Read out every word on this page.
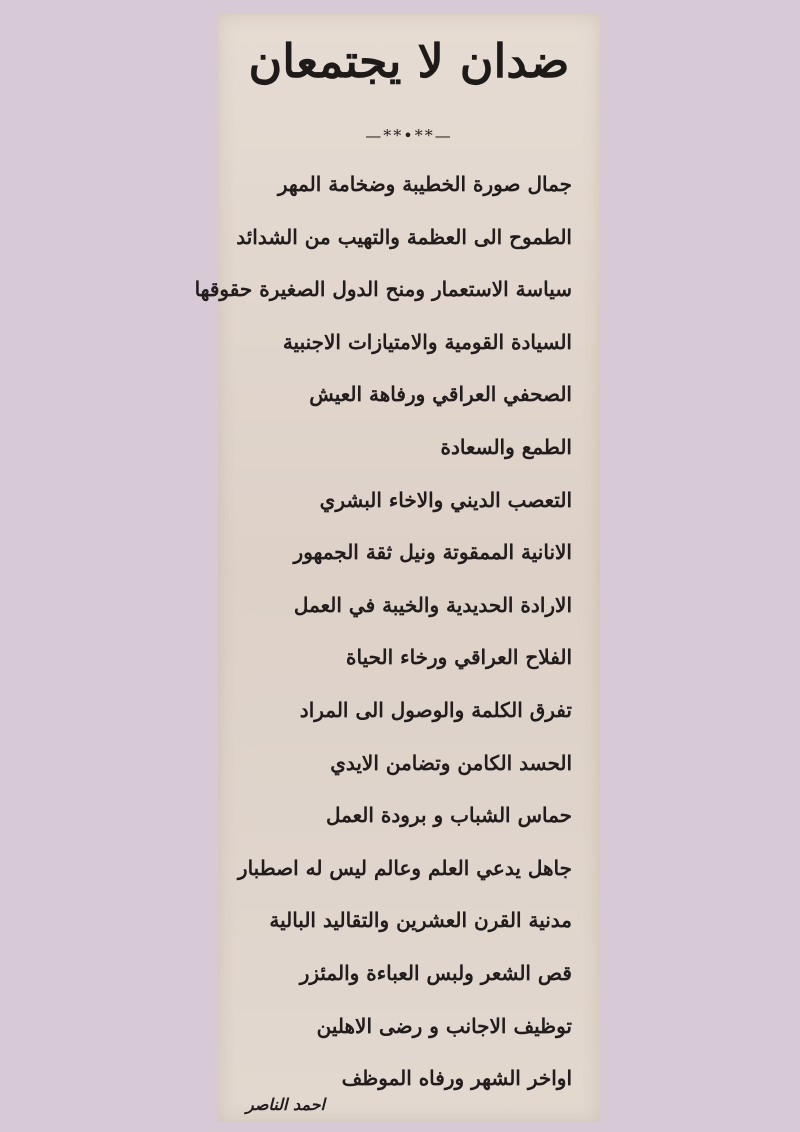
ضدان لا يجتمعان
—**•**—
جمال صورة الخطيبة وضخامة المهر
الطموح الى العظمة والتهيب من الشدائد
سياسة الاستعمار ومنح الدول الصغيرة حقوقها
السيادة القومية والامتيازات الاجنبية
الصحفي العراقي ورفاهة العيش
الطمع والسعادة
التعصب الديني والاخاء البشري
الانانية الممقوتة ونيل ثقة الجمهور
الارادة الحديدية والخيبة في العمل
الفلاح العراقي ورخاء الحياة
تفرق الكلمة والوصول الى المراد
الحسد الكامن وتضامن الايدي
حماس الشباب و برودة العمل
جاهل يدعي العلم وعالم ليس له اصطبار
مدنية القرن العشرين والتقاليد البالية
قص الشعر ولبس العباءة والمئزر
توظيف الاجانب و رضى الاهلين
اواخر الشهر ورفاه الموظف
احمد الناصر
